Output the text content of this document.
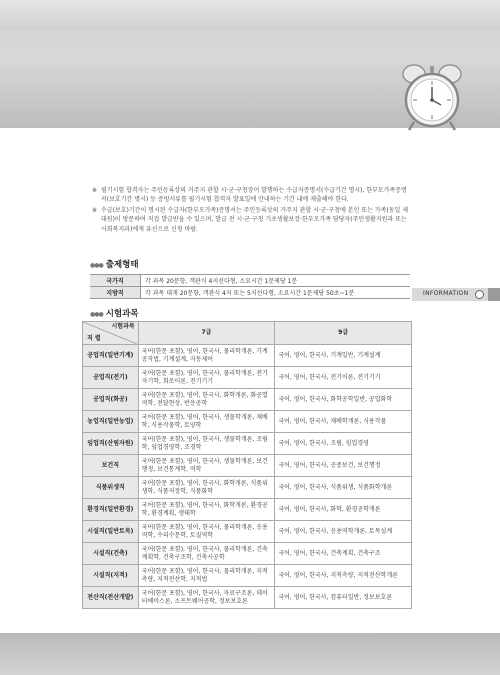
※ 필기시험 합격자는 주민등록상의 거주지 관할 시·군·구청장이 발행하는 수급자증명서(수급기간 명시), 한부모가족증명서(보호기간 명시) 등 증빙서류를 필기시험 합격자 발표일에 안내하는 기간 내에 제출해야 한다.
※ 수급(보호)기간이 명시된 수급자(한부모가족)증명서는 주민등록상의 거주지 관할 시·군·구청에 본인 또는 가족(동일 세대원)이 방문하여 직접 발급받을 수 있으며, 발급 전 시·군·구청 기초생활보장·한부모가족 담당자(주민생활지원과 또는 사회복지과)에게 유선으로 신청 바람.
●●● 출제형태
국가직	각 과목 20문항, 객관식 4지선다형, 소요시간 1문제당 1분
지방직	각 과목 대개 20문항, 객관식 4지 또는 5지선다형, 소요시간 1문제당 50초~1분	INFORMATION
●●● 시험과목
시험과목
직 렬	7급	9급
공업직(일반기계)	국어(한문 포함), 영어, 한국사, 물리학개론, 기계공작법, 기계설계, 자동제어	국어, 영어, 한국사, 기계일반, 기계설계
공업직(전기)	국어(한문 포함), 영어, 한국사, 물리학개론, 전기자기학, 회로이론, 전기기기	국어, 영어, 한국사, 전기이론, 전기기기
공업직(화공)	국어(한문 포함), 영어, 한국사, 화학개론, 화공열역학, 전달현상, 반응공학	국어, 영어, 한국사, 화학공학일반, 공업화학
농업직(일반농업)	국어(한문 포함), 영어, 한국사, 생물학개론, 재배학, 식용작물학, 토양학	국어, 영어, 한국사, 재배학개론, 식용작물
임업직(산림자원)	국어(한문 포함), 영어, 한국사, 생물학개론, 조림학, 임업경영학, 조경학	국어, 영어, 한국사, 조림, 임업경영
보건직	국어(한문 포함), 영어, 한국사, 생물학개론, 보건행정, 보건통계학, 역학	국어, 영어, 한국사, 공중보건, 보건행정
식품위생직	국어(한문 포함), 영어, 한국사, 화학개론, 식품위생학, 식품저장학, 식품화학	국어, 영어, 한국사, 식품위생, 식품화학개론
환경직(일반환경)	국어(한문 포함), 영어, 한국사, 화학개론, 환경공학, 환경계획, 생태학	국어, 영어, 한국사, 화학, 환경공학개론
시설직(일반토목)	국어(한문 포함), 영어, 한국사, 물리학개론, 응용역학, 수리수문학, 토질역학	국어, 영어, 한국사, 응용역학개론, 토목설계
시설직(건축)	국어(한문 포함), 영어, 한국사, 물리학개론, 건축계획학, 건축구조학, 건축시공학	국어, 영어, 한국사, 건축계획, 건축구조
시설직(지적)	국어(한문 포함), 영어, 한국사, 물리학개론, 지적측량, 지적전산학, 지적법	국어, 영어, 한국사, 지적측량, 지적전산학개론
전산직(전산개발)	국어(한문 포함), 영어, 한국사, 자료구조론, 데이터베이스론, 소프트웨어공학, 정보보호론	국어, 영어, 한국사, 컴퓨터일반, 정보보호론
